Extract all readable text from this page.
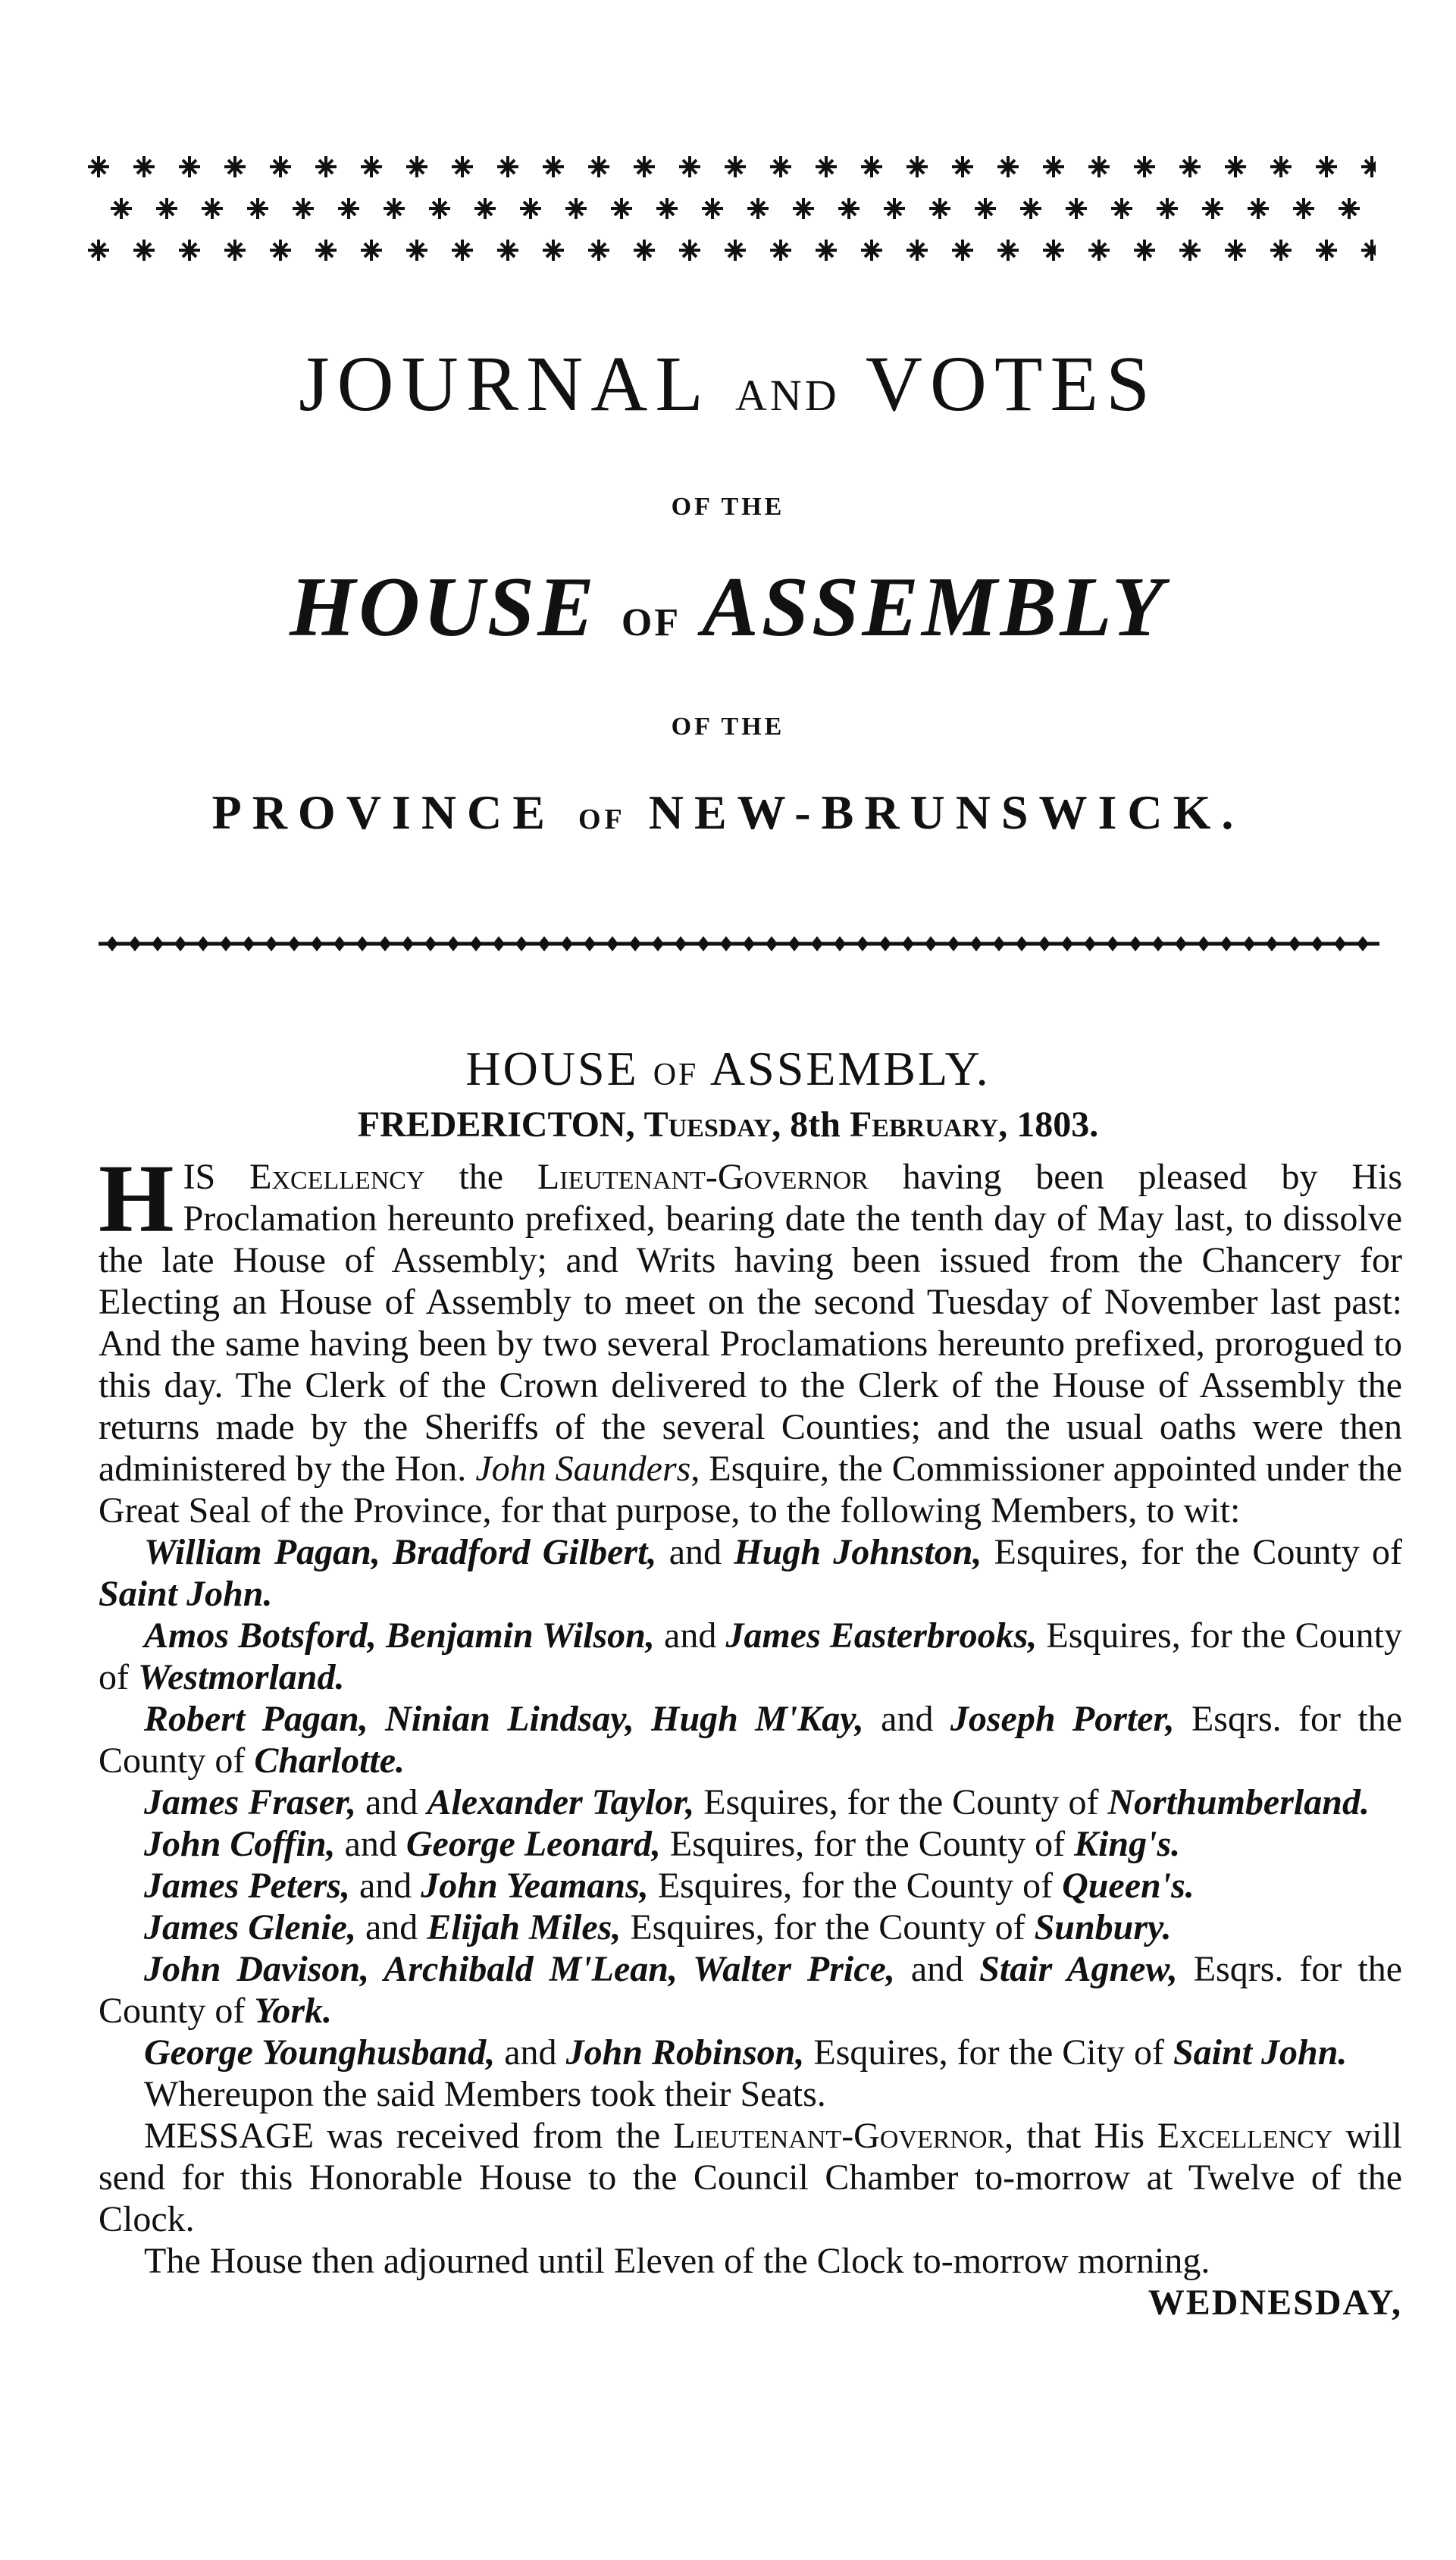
JOURNAL AND VOTES
OF THE
HOUSE OF ASSEMBLY
OF THE
PROVINCE OF NEW-BRUNSWICK.
HOUSE OF ASSEMBLY.
FREDERICTON, Tuesday, 8th February, 1803.

HIS Excellency the Lieutenant-Governor having been pleased by His Proclamation hereunto prefixed, bearing date the tenth day of May last, to dissolve the late House of Assembly; and Writs having been issued from the Chancery for Electing an House of Assembly to meet on the second Tuesday of November last past: And the same having been by two several Proclamations hereunto prefixed, prorogued to this day. The Clerk of the Crown delivered to the Clerk of the House of Assembly the returns made by the Sheriffs of the several Counties; and the usual oaths were then administered by the Hon. John Saunders, Esquire, the Commissioner appointed under the Great Seal of the Province, for that purpose, to the following Members, to wit:

William Pagan, Bradford Gilbert, and Hugh Johnston, Esquires, for the County of Saint John.

Amos Botsford, Benjamin Wilson, and James Easterbrooks, Esquires, for the County of Westmorland.

Robert Pagan, Ninian Lindsay, Hugh M'Kay, and Joseph Porter, Esqrs. for the County of Charlotte.

James Fraser, and Alexander Taylor, Esquires, for the County of Northumberland.

John Coffin, and George Leonard, Esquires, for the County of King's.

James Peters, and John Yeamans, Esquires, for the County of Queen's.

James Glenie, and Elijah Miles, Esquires, for the County of Sunbury.

John Davison, Archibald M'Lean, Walter Price, and Stair Agnew, Esqrs. for the County of York.

George Younghusband, and John Robinson, Esquires, for the City of Saint John.

Whereupon the said Members took their Seats.

MESSAGE was received from the Lieutenant-Governor, that His Excellency will send for this Honorable House to the Council Chamber to-morrow at Twelve of the Clock.

The House then adjourned until Eleven of the Clock to-morrow morning.

WEDNESDAY,
